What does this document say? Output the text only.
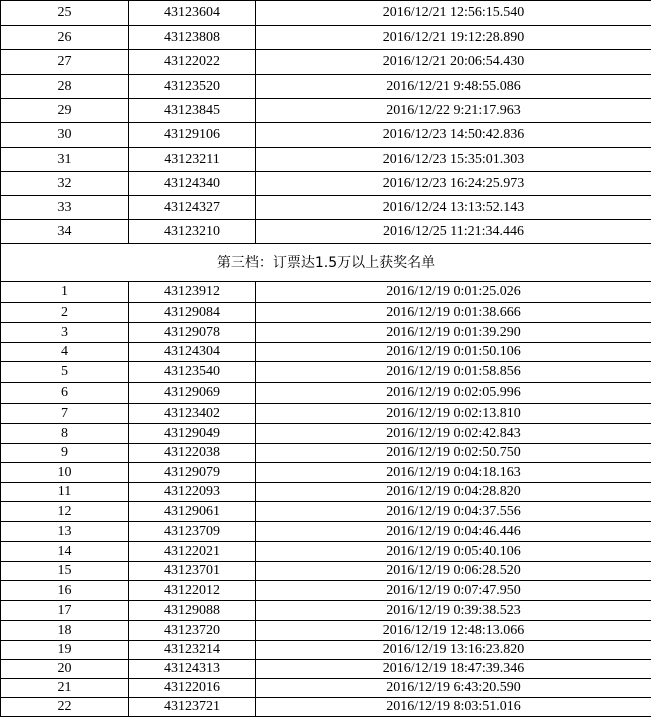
25	43123604	2016/12/21 12:56:15.540
26	43123808	2016/12/21 19:12:28.890
27	43122022	2016/12/21 20:06:54.430
28	43123520	2016/12/21 9:48:55.086
29	43123845	2016/12/22 9:21:17.963
30	43129106	2016/12/23 14:50:42.836
31	43123211	2016/12/23 15:35:01.303
32	43124340	2016/12/23 16:24:25.973
33	43124327	2016/12/24 13:13:52.143
34	43123210	2016/12/25 11:21:34.446
第三档：订票达1.5万以上获奖名单		
1	43123912	2016/12/19 0:01:25.026
2	43129084	2016/12/19 0:01:38.666
3	43129078	2016/12/19 0:01:39.290
4	43124304	2016/12/19 0:01:50.106
5	43123540	2016/12/19 0:01:58.856
6	43129069	2016/12/19 0:02:05.996
7	43123402	2016/12/19 0:02:13.810
8	43129049	2016/12/19 0:02:42.843
9	43122038	2016/12/19 0:02:50.750
10	43129079	2016/12/19 0:04:18.163
11	43122093	2016/12/19 0:04:28.820
12	43129061	2016/12/19 0:04:37.556
13	43123709	2016/12/19 0:04:46.446
14	43122021	2016/12/19 0:05:40.106
15	43123701	2016/12/19 0:06:28.520
16	43122012	2016/12/19 0:07:47.950
17	43129088	2016/12/19 0:39:38.523
18	43123720	2016/12/19 12:48:13.066
19	43123214	2016/12/19 13:16:23.820
20	43124313	2016/12/19 18:47:39.346
21	43122016	2016/12/19 6:43:20.590
22	43123721	2016/12/19 8:03:51.016
